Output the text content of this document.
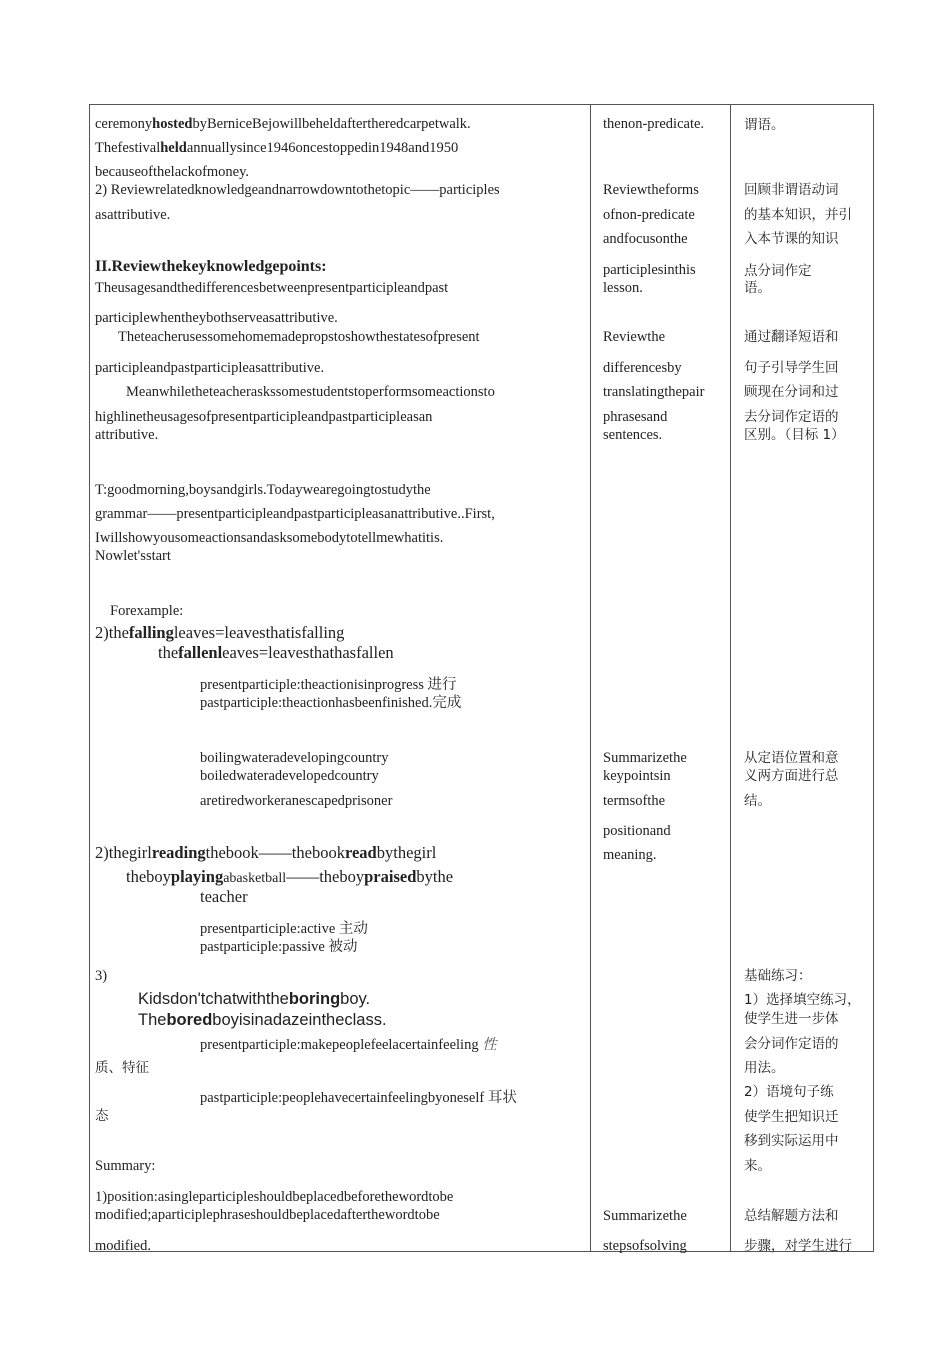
ceremonyhostedbyBerniceBejowillbeheldaftertheredcarpetwalk.
Thefestivalheldannuallysince1946oncestoppedin1948and1950
becauseofthelackofmoney.
2) Reviewrelatedknowledgeandnarrowdowntothetopic——participles
asattributive.
II.Reviewthekeyknowledgepoints:
Theusagesandthedifferencesbetweenpresentparticipleandpast
participlewhentheybothserveasattributive.
Theteacherusessomehomemadepropstoshowthestatesofpresent
participleandpastparticipleasattributive.
Meanwhiletheteacheraskssomestudentstoperformsomeactionsto
highlinetheusagesofpresentparticipleandpastparticipleasan
attributive.
T:goodmorning,boysandgirls.Todaywearegoingtostudythe
grammar——presentparticipleandpastparticipleasanattributive..First,
Iwillshowyousomeactionsandasksomebodytotellmewhatitis.
Nowlet'sstart
Forexample:
2)thefallingleaves=leavesthatisfalling
thefallenleaves=leavesthathasfallen
presentparticiple:theactionisinprogress 进行
pastparticiple:theactionhasbeenfinished.完成
boilingwateradevelopingcountry
boiledwateradevelopedcountry
aretiredworkeranescapedprisoner
2)thegirlreadingthebook——thebookreadbythegirl
theboyplayingabasketball——theboypraisedbythe
teacher
presentparticiple:active 主动
pastparticiple:passive 被动
3)
Kidsdon'tchatwiththeboringboy.
Theboredboyisinadazeintheclass.
presentparticiple:makepeoplefeelacertainfeeling 性
质、特征
pastparticiple:peoplehavecertainfeelingbyoneself 耳状
态
Summary:
1)position:asingleparticipleshouldbeplacedbeforethewordtobe
modified;aparticiplephraseshouldbeplacedafterthewordtobe
modified.
thenon-predicate.
Reviewtheforms
ofnon-predicate
andfocusonthe
participlesinthis
lesson.
Reviewthe
differencesby
translatingthepair
phrasesand
sentences.
Summarizethe
keypointsin
termsofthe
positionand
meaning.
Summarizethe
stepsofsolving
谓语。
回顾非谓语动词
的基本知识，并引
入本节课的知识
点分词作定
语。
通过翻译短语和
句子引导学生回
顾现在分词和过
去分词作定语的
区别。（目标 1）
从定语位置和意
义两方面进行总
结。
基础练习：
1）选择填空练习，
使学生进一步体
会分词作定语的
用法。
2）语境句子练
使学生把知识迁
移到实际运用中
来。
总结解题方法和
步骤，对学生进行
